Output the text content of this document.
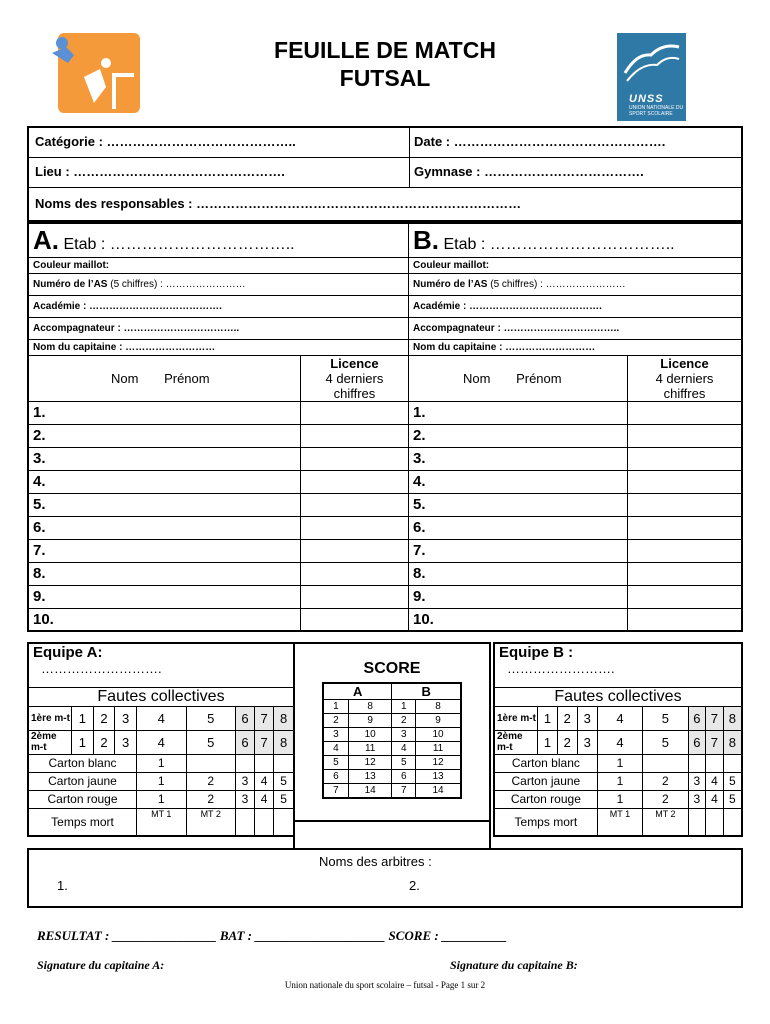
FEUILLE DE MATCH
FUTSAL
UNSS
UNION NATIONALE DU SPORT SCOLAIRE
Catégorie : ……………………………………..	Date : ………………………………………….
Lieu : ………………………………………….	Gymnase : ……………………………….
Noms des responsables : …………………………………………………………………	
A. Etab : ……………………………..		B. Etab : ……………………………..	
Couleur maillot:		Couleur maillot:	
Numéro de l’AS (5 chiffres) : ……………………		Numéro de l’AS (5 chiffres) : ……………………	
Académie : ………………………………….		Académie : ………………………………….	
Accompagnateur : ……………………………..		Accompagnateur : ……………………………..	
Nom du capitaine : ………………………		Nom du capitaine : ………………………	
Nom Prénom	Licence
4 derniers
chiffres	Nom Prénom	Licence
4 derniers
chiffres
1.		1.	
2.		2.	
3.		3.	
4.		4.	
5.		5.	
6.		6.	
7.		7.	
8.		8.	
9.		9.	
10.		10.	
Equipe A:
……………………….								

Fautes collectives								
1ère m-t	1	2	3	4	5	6	7	8
2ème m-t	1	2	3	4	5	6	7	8
Carton blanc				1				
Carton jaune				1	2	3	4	5
Carton rouge				1	2	3	4	5
Temps mort				MT 1	MT 2			
SCORE
A		B	
1	8	1	8
2	9	2	9
3	10	3	10
4	11	4	11
5	12	5	12
6	13	6	13
7	14	7	14
Equipe B :
…………………….								

Fautes collectives								
1ère m-t	1	2	3	4	5	6	7	8
2ème m-t	1	2	3	4	5	6	7	8
Carton blanc				1				
Carton jaune				1	2	3	4	5
Carton rouge				1	2	3	4	5
Temps mort				MT 1	MT 2			
Noms des arbitres :
1.	2.
RESULTAT : ________________ BAT : ____________________ SCORE : __________
Signature du capitaine A:	Signature du capitaine B:
Union nationale du sport scolaire – futsal - Page 1 sur 2
